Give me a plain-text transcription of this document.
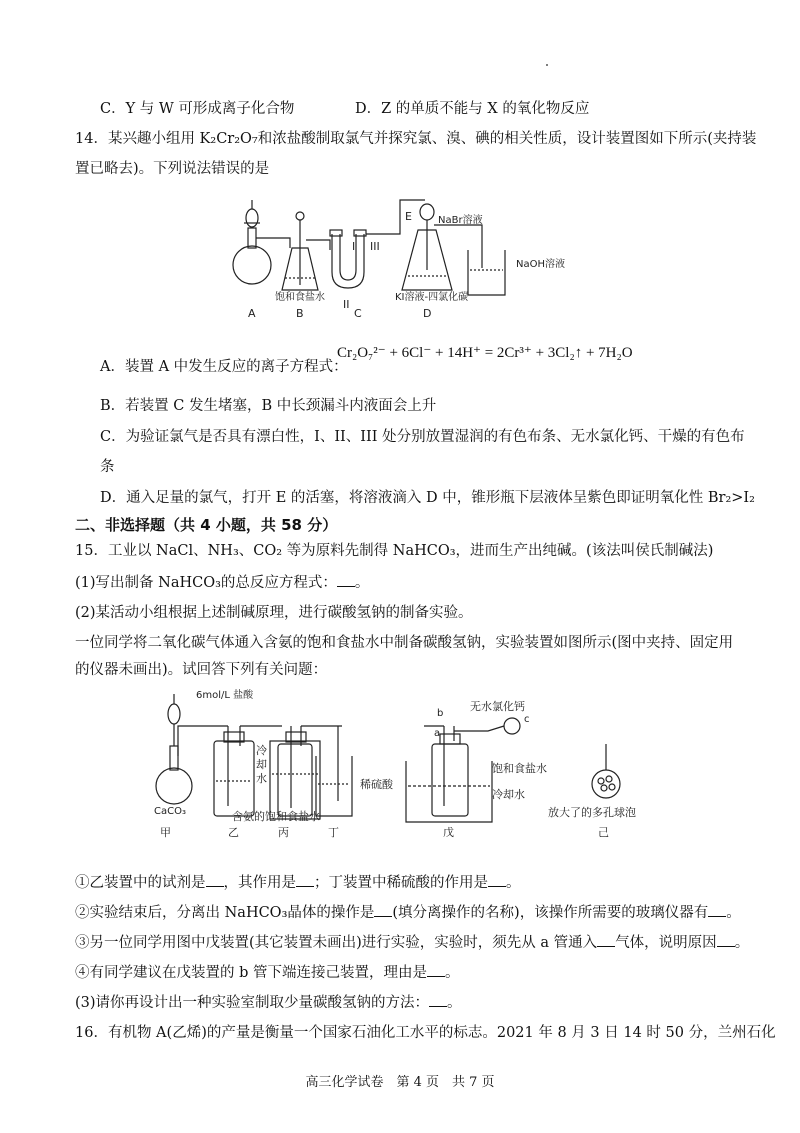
C．Y 与 W 可形成离子化合物	D．Z 的单质不能与 X 的氧化物反应
14．某兴趣小组用 K₂Cr₂O₇和浓盐酸制取氯气并探究氯、溴、碘的相关性质，设计装置图如下所示(夹持装
置已略去)。下列说法错误的是
I
II
III
E	NaBr溶液
NaOH溶液
饱和食盐水	KI溶液-四氯化碳
A	B	C	D
A．装置 A 中发生反应的离子方程式：
Cr₂O₇²⁻ + 6Cl⁻ + 14H⁺ = 2Cr³⁺ + 3Cl₂↑ + 7H₂O
B．若装置 C 发生堵塞，B 中长颈漏斗内液面会上升
C．为验证氯气是否具有漂白性，I、II、III 处分别放置湿润的有色布条、无水氯化钙、干燥的有色布
条
D．通入足量的氯气，打开 E 的活塞，将溶液滴入 D 中，锥形瓶下层液体呈紫色即证明氧化性 Br₂>I₂
二、非选择题（共 4 小题，共 58 分）
15．工业以 NaCl、NH₃、CO₂ 等为原料先制得 NaHCO₃，进而生产出纯碱。(该法叫侯氏制碱法)
(1)写出制备 NaHCO₃的总反应方程式： 。
(2)某活动小组根据上述制碱原理，进行碳酸氢钠的制备实验。
一位同学将二氧化碳气体通入含氨的饱和食盐水中制备碳酸氢钠，实验装置如图所示(图中夹持、固定用
的仪器未画出)。试回答下列有关问题：
6mol/L 盐酸
CaCO₃
冷
却
水
含氨的饱和食盐水
稀硫酸
无水氯化钙
饱和食盐水
冷却水
放大了的多孔球泡
a
b
c
甲	乙	丙	丁	戊	己
①乙装置中的试剂是 ，其作用是 ；丁装置中稀硫酸的作用是 。
②实验结束后，分离出 NaHCO₃晶体的操作是 (填分离操作的名称)，该操作所需要的玻璃仪器有 。
③另一位同学用图中戊装置(其它装置未画出)进行实验，实验时，须先从 a 管通入 气体，说明原因 。
④有同学建议在戊装置的 b 管下端连接己装置，理由是 。
(3)请你再设计出一种实验室制取少量碳酸氢钠的方法： 。
16．有机物 A(乙烯)的产量是衡量一个国家石油化工水平的标志。2021 年 8 月 3 日 14 时 50 分，兰州石化
高三化学试卷　第 4 页　共 7 页
